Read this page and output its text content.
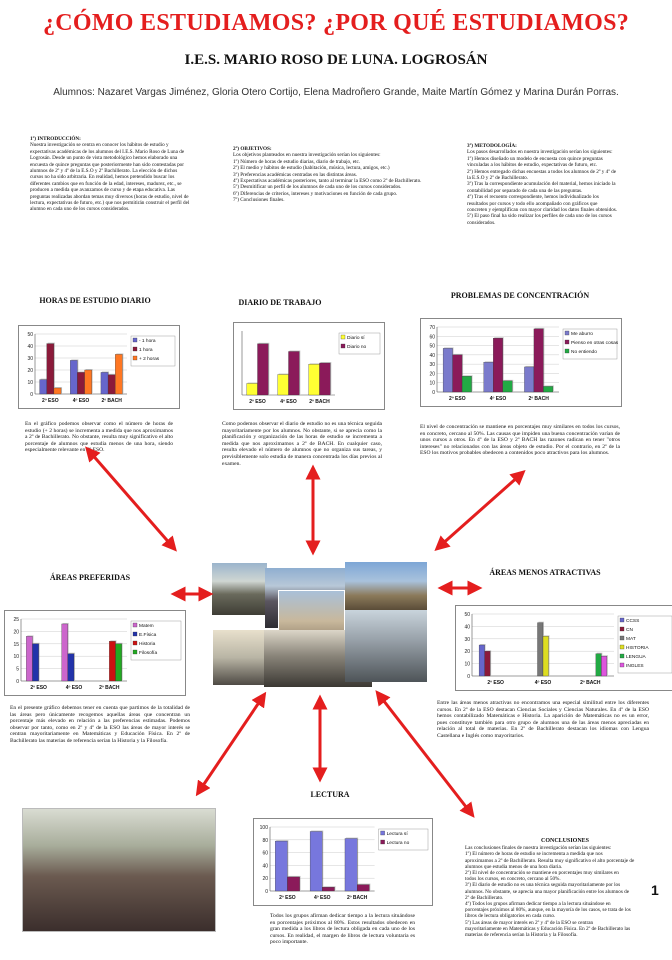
¿CÓMO ESTUDIAMOS? ¿POR QUÉ ESTUDIAMOS?
I.E.S. MARIO ROSO DE LUNA. LOGROSÁN
Alumnos: Nazaret Vargas Jiménez, Gloria Otero Cortijo, Elena Madroñero Grande, Maite Martín Gómez y Marina Durán Porras.
1º) INTRODUCCIÓN:
Nuestra investigación se centra en conocer los hábitos de estudio y
expectativas académicas de los alumnos del I.E.S. Mario Roso de Luna de
Logrosán. Desde un punto de vista metodológico hemos elaborado una
encuesta de quince preguntas que posteriormente han sido contestadas por
alumnos de 2º y 4º de la E.S.O y 2º Bachillerato. La elección de dichos
cursos no ha sido arbitraria. En realidad, hemos pretendido buscar los
diferentes cambios que en función de la edad, intereses, madurez, etc., se
producen a medida que avanzamos de curso y de etapa educativa. Las
preguntas realizadas abordan temas muy diversos (horas de estudio, nivel de
lectura, expectativas de futuro, etc.) que nos permitirán construir el perfil del
alumno en cada uno de los cursos considerados.
2º) OBJETIVOS:
Los objetivos planteados en nuestra investigación serían los siguientes:
1º) Número de horas de estudio diarias, diario de trabajo, etc.
2º) El medio y hábitos de estudio (habitación, música, lectura, amigos, etc.)
3º) Preferencias académicas centradas en las distintas áreas.
4º) Expectativas académicas posteriores, tanto al terminar la ESO como 2º de Bachillerato.
5º) Desmitificar un perfil de los alumnos de cada uno de los cursos considerados.
6º) Diferencias de criterios, intereses y motivaciones en función de cada grupo.
7º) Conclusiones finales.
3º) METODOLOGÍA:
Los pasos desarrollados en nuestra investigación serían los siguientes:
1º) Hemos diseñado un modelo de encuesta con quince preguntas
vinculadas a los hábitos de estudio, expectativas de futuro, etc.
2º) Hemos entregado dichas encuestas a todos los alumnos de 2º y 4º de
la E.S.O y 2º de Bachillerato.
3º) Tras la correspondiente acumulación del material, hemos iniciado la
contabilidad por separado de cada una de las preguntas.
4º) Tras el recuento correspondiente, hemos individualizado los
resultados por cursos y todo ello acompañado con gráficos que
concreten y ejemplifican con mayor claridad los datos finales obtenidos.
5º) El paso final ha sido realizar los perfiles de cada uno de los cursos
considerados.
HORAS DE ESTUDIO DIARIO	DIARIO DE TRABAJO
PROBLEMAS DE CONCENTRACIÓN
ÁREAS PREFERIDAS
ÁREAS MENOS ATRACTIVAS
LECTURA
0
10
20
30
40
50
2º ESO	4º ESO 2º BACH
- 1 hora
1 hora
+ 2 horas
2º ESO	4º ESO 2º BACH
Diario sí
Diario no
0
10
20
30
40
50
60
70
2º ESO	4º ESO	2º BACH
Me aburro
Pienso en otras cosas
No entiendo
0
5
10
15
20
25
2º ESO	4º ESO	2º BACH
Matem
E.Física
Historia
Filosofía
0
10
20
30
40
50
2º ESO	4º ESO	2º BACH
CCSS
CN
MAT
HISTORIA
LENGUA
INGLES
0
20
40
60
80
100
2º ESO	4º ESO	2º BACH
Lectura sí
Lectura no
En el gráfico podemos observar como el número de horas de estudio (+ 2 horas) se incrementa a medida que nos aproximamos a 2º de Bachillerato. No obstante, resulta muy significativo el alto porcentaje de alumnos que estudia menos de una hora, siendo especialmente relevante en 4º ESO.
Como podemos observar el diario de estudio no es una técnica seguida mayoritariamente por los alumnos. No obstante, si se aprecia como la planificación y organización de las horas de estudio se incrementa a medida que nos aproximamos a 2º de BACH. En cualquier caso, resulta elevado el número de alumnos que no organiza sus tareas, y previsiblemente solo estudia de manera concentrada los días previos al examen.
El nivel de concentración se mantiene en porcentajes muy similares en todos los cursos, en concreto, cercano al 50%. Las causas que impiden una buena concentración varían de unos cursos a otros. En 4º de la ESO y 2º BACH las razones radican en tener "otros intereses" no relacionados con las áreas objeto de estudio. Por el contrario, en 2º de la ESO los motivos probables obedecen a contenidos poco atractivos para los alumnos.
En el presente gráfico debemos tener en cuenta que partimos de la totalidad de las áreas pero únicamente recogemos aquellas áreas que concentran un porcentaje más elevado en relación a las preferencias estimadas. Podemos observar por tanto, como en 2º y 4º de la ESO las áreas de mayor interés se centran mayoritariamente en Matemáticas y Educación Física. En 2º de Bachillerato las materias de referencia serían la Historia y la Filosofía.
Entre las áreas menos atractivas no encontramos una especial similitud entre los diferentes cursos. En 2º de la ESO destacan Ciencias Sociales y Ciencias Naturales. En 4º de la ESO hemos contabilizado Matemáticas e Historia. La aparición de Matemáticas no es un error, pues constituye también para otro grupo de alumnos una de las áreas menos apreciadas en relación al total de materias. En 2º de Bachillerato destacan los idiomas con Lengua Castellana e Inglés como mayoritarios.
Todos los grupos afirman dedicar tiempo a la lectura situándose en porcentajes próximos al 80%. Estos resultados obedecen en gran medida a los libros de lectura obligada en cada uno de los cursos. En realidad, el margen de libros de lectura voluntaria es poco importante.
CONCLUSIONES
Las conclusiones finales de nuestra investigación serían las siguientes:
1º) El número de horas de estudio se incrementa a medida que nos
aproximamos a 2º de Bachillerato. Resulta muy significativo el alto porcentaje de
alumnos que estudia menos de una hora diaria.
2º) El nivel de concentración se mantiene en porcentajes muy similares en
todos los cursos, en concreto, cercano al 50%.
3º) El diario de estudio no es una técnica seguida mayoritariamente por los
alumnos. No obstante, se aprecia una mayor planificación entre los alumnos de
2º de Bachillerato.
4º) Todos los grupos afirman dedicar tiempo a la lectura situándose en
porcentajes próximos al 80%, aunque, en la mayoría de los casos, se trata de los
libros de lectura obligatorios en cada curso.
5º) Las áreas de mayor interés en 2º y 4º de la ESO se centran
mayoritariamente en Matemáticas y Educación Física. En 2º de Bachillerato las
materias de referencia serían la Historia y la Filosofía.
1
